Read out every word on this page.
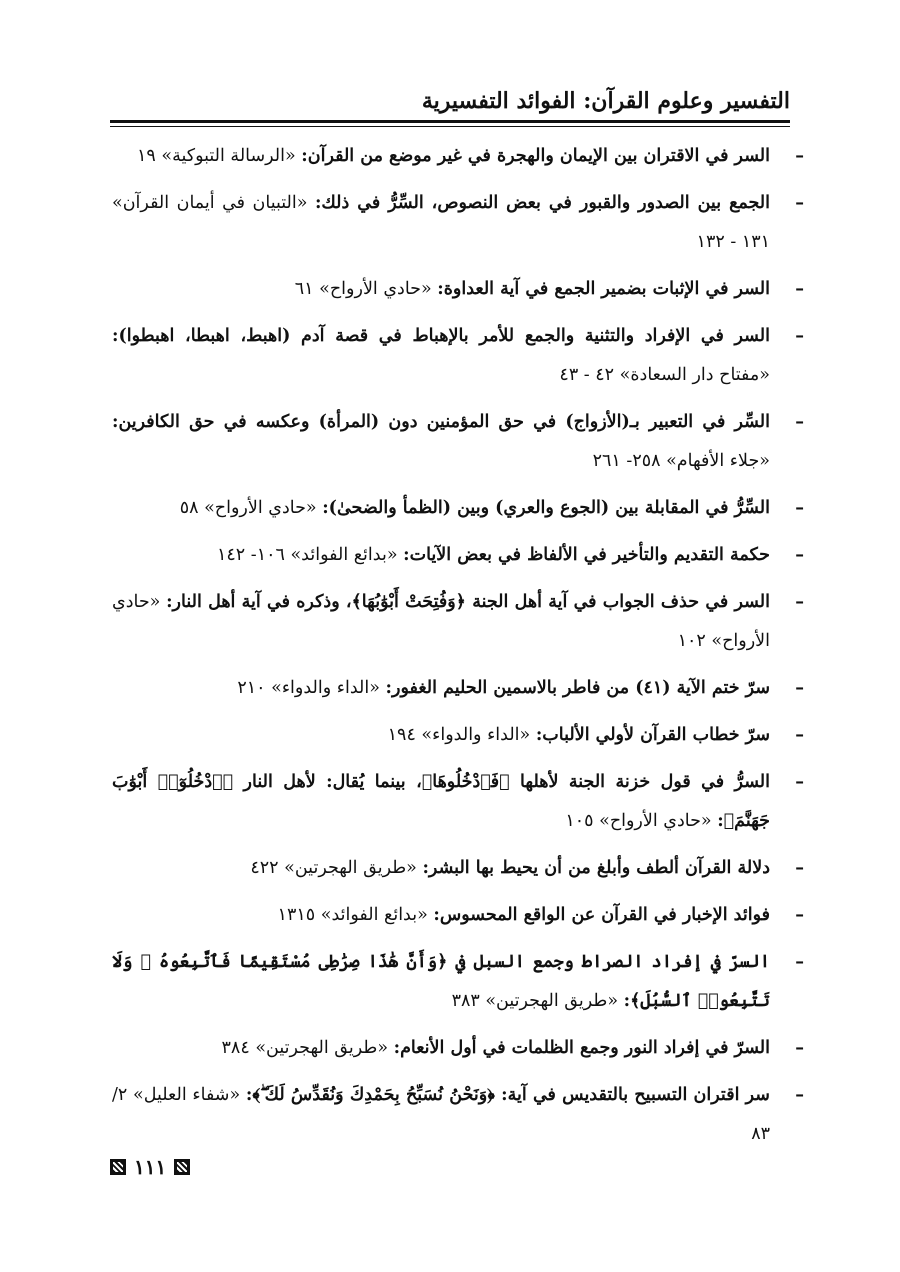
التفسير وعلوم القرآن: الفوائد التفسيرية
–
السر في الاقتران بين الإيمان والهجرة في غير موضع من القرآن: «الرسالة التبوكية» ١٩
–
الجمع بين الصدور والقبور في بعض النصوص، السِّرُّ في ذلك: «التبيان في أيمان القرآن» ١٣١ - ١٣٢
–
السر في الإثبات بضمير الجمع في آية العداوة: «حادي الأرواح» ٦١
–
السر في الإفراد والتثنية والجمع للأمر بالإهباط في قصة آدم (اهبط، اهبطا، اهبطوا): «مفتاح دار السعادة» ٤٢ - ٤٣
–
السِّر في التعبير بـ(الأزواج) في حق المؤمنين دون (المرأة) وعكسه في حق الكافرين: «جلاء الأفهام» ٢٥٨- ٢٦١
–
السِّرُّ في المقابلة بين (الجوع والعري) وبين (الظمأ والضحىٰ): «حادي الأرواح» ٥٨
–
حكمة التقديم والتأخير في الألفاظ في بعض الآيات: «بدائع الفوائد» ١٠٦- ١٤٢
–
السر في حذف الجواب في آية أهل الجنة ﴿وَفُتِحَتْ أَبْوَٰبُهَا﴾، وذكره في آية أهل النار: «حادي الأرواح» ١٠٢
–
سرّ ختم الآية (٤١) من فاطر بالاسمين الحليم الغفور: «الداء والدواء» ٢١٠
–
سرّ خطاب القرآن لأولي الألباب: «الداء والدواء» ١٩٤
–
السرُّ في قول خزنة الجنة لأهلها ﴿فَٱدْخُلُوهَا﴾، بينما يُقال: لأهل النار ﴿ٱدْخُلُوٓا۟ أَبْوَٰبَ جَهَنَّمَ﴾: «حادي الأرواح» ١٠٥
–
دلالة القرآن ألطف وأبلغ من أن يحيط بها البشر: «طريق الهجرتين» ٤٢٢
–
فوائد الإخبار في القرآن عن الواقع المحسوس: «بدائع الفوائد» ١٣١٥
–
السرّ في إفراد الصراط وجمع السبل في ﴿وَأَنَّ هَٰذَا صِرَٰطِى مُسْتَقِيمًا فَٱتَّبِعُوهُ ۖ وَلَا تَتَّبِعُوا۟ ٱلسُّبُلَ﴾: «طريق الهجرتين» ٣٨٣
–
السرّ في إفراد النور وجمع الظلمات في أول الأنعام: «طريق الهجرتين» ٣٨٤
–
سر اقتران التسبيح بالتقديس في آية: ﴿وَنَحْنُ نُسَبِّحُ بِحَمْدِكَ وَنُقَدِّسُ لَكَ ۖ﴾: «شفاء العليل» ٢/ ٨٣
١١١
